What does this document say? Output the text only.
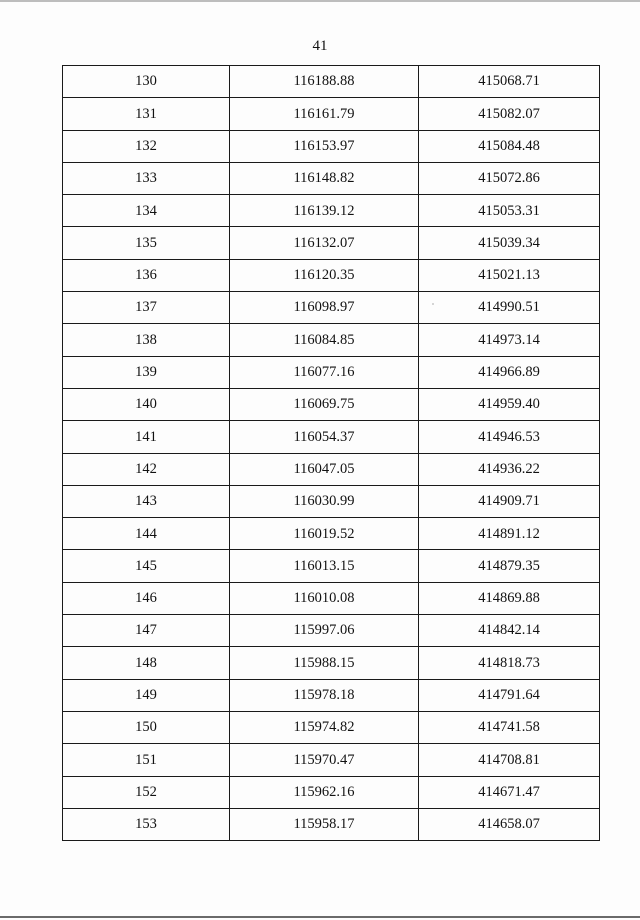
41
130	116188.88	415068.71
131	116161.79	415082.07
132	116153.97	415084.48
133	116148.82	415072.86
134	116139.12	415053.31
135	116132.07	415039.34
136	116120.35	415021.13
137	116098.97	414990.51
138	116084.85	414973.14
139	116077.16	414966.89
140	116069.75	414959.40
141	116054.37	414946.53
142	116047.05	414936.22
143	116030.99	414909.71
144	116019.52	414891.12
145	116013.15	414879.35
146	116010.08	414869.88
147	115997.06	414842.14
148	115988.15	414818.73
149	115978.18	414791.64
150	115974.82	414741.58
151	115970.47	414708.81
152	115962.16	414671.47
153	115958.17	414658.07
